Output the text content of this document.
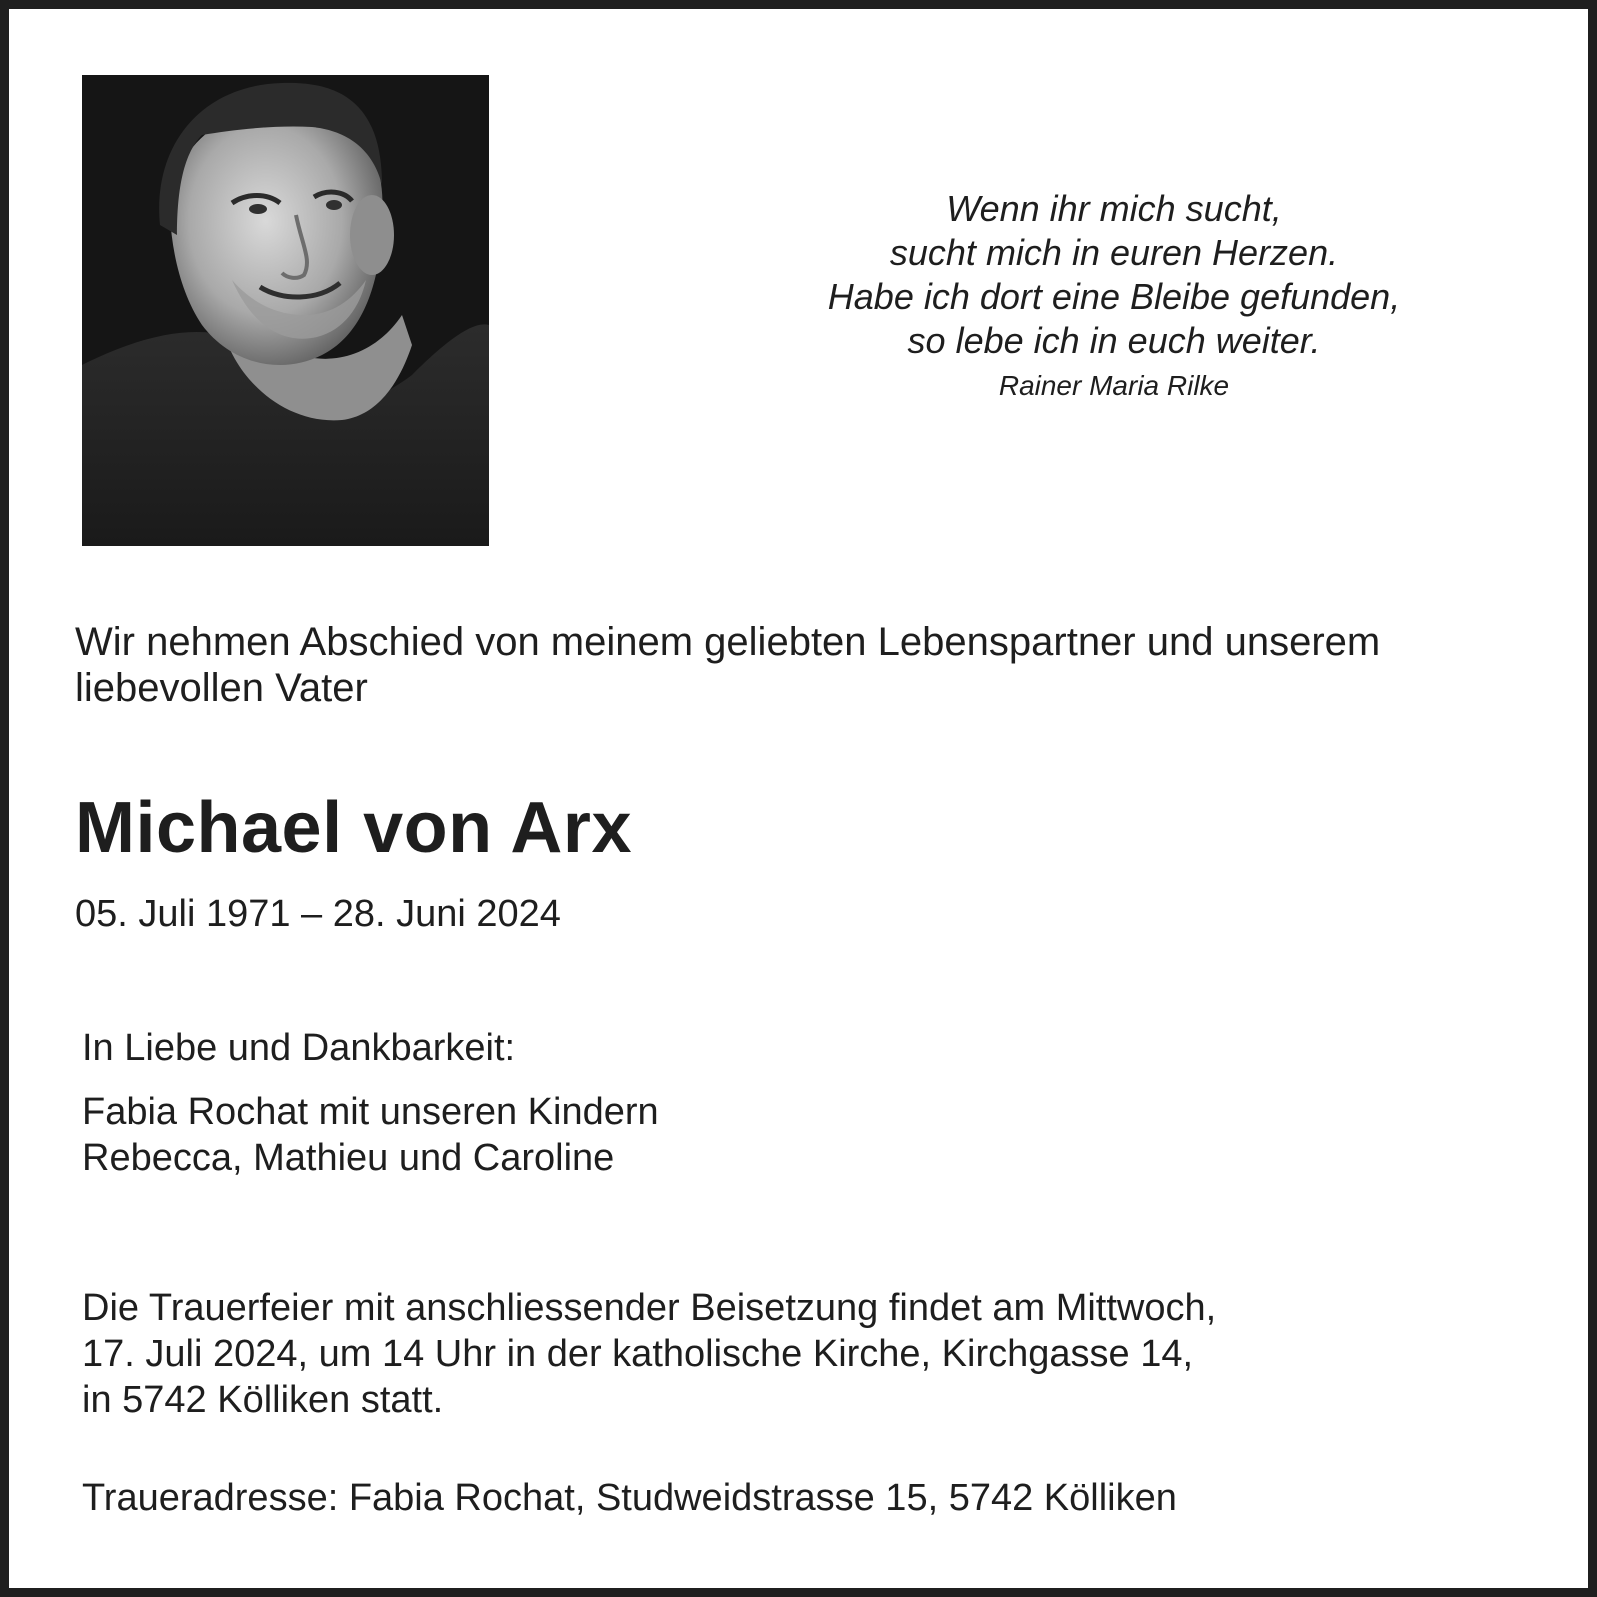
Wenn ihr mich sucht,
sucht mich in euren Herzen.
Habe ich dort eine Bleibe gefunden,
so lebe ich in euch weiter.
Rainer Maria Rilke
Wir nehmen Abschied von meinem geliebten Lebenspartner und unserem
liebevollen Vater
Michael von Arx
05. Juli 1971 – 28. Juni 2024
In Liebe und Dankbarkeit:
Fabia Rochat mit unseren Kindern
Rebecca, Mathieu und Caroline
Die Trauerfeier mit anschliessender Beisetzung findet am Mittwoch,
17. Juli 2024, um 14 Uhr in der katholische Kirche, Kirchgasse 14,
in 5742 Kölliken statt.
Traueradresse: Fabia Rochat, Studweidstrasse 15, 5742 Kölliken
